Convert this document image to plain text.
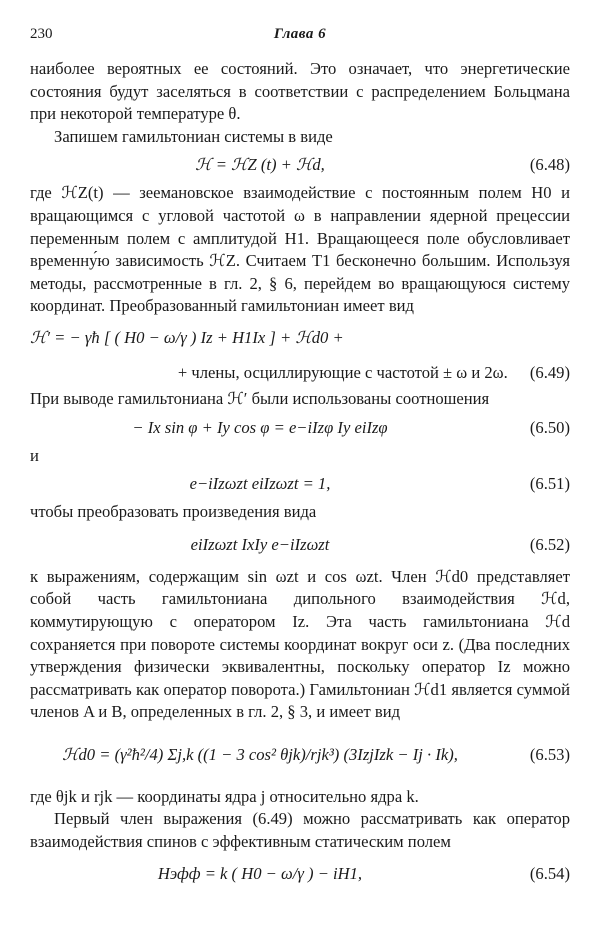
230	Глава 6

наиболее вероятных ее состояний. Это означает, что энергетические состояния будут заселяться в соответствии с распределением Больцмана при некоторой температуре θ.

Запишем гамильтониан системы в виде

ℋ = ℋZ (t) + ℋd,	(6.48)

где ℋZ(t) — зеемановское взаимодействие с постоянным полем H0 и вращающимся с угловой частотой ω в направлении ядерной прецессии переменным полем с амплитудой H1. Вращающееся поле обусловливает временну́ю зависимость ℋZ. Считаем T1 бесконечно большим. Используя методы, рассмотренные в гл. 2, § 6, перейдем во вращающуюся систему координат. Преобразованный гамильтониан имеет вид

ℋ′ = − γħ [ ( H0 − ω/γ ) Iz + H1Ix ] + ℋd0 +
+ члены, осциллирующие с частотой ± ω и 2ω. (6.49)

При выводе гамильтониана ℋ′ были использованы соотношения

− Ix sin φ + Iy cos φ = e−iIzφ Iy eiIzφ	(6.50)

и

e−iIzωzt eiIzωzt = 1,	(6.51)

чтобы преобразовать произведения вида

eiIzωzt IxIy e−iIzωzt	(6.52)

к выражениям, содержащим sin ωzt и cos ωzt. Член ℋd0 представляет собой часть гамильтониана дипольного взаимодействия ℋd, коммутирующую с оператором Iz. Эта часть гамильтониана ℋd сохраняется при повороте системы координат вокруг оси z. (Два последних утверждения физически эквивалентны, поскольку оператор Iz можно рассматривать как оператор поворота.) Гамильтониан ℋd1 является суммой членов A и B, определенных в гл. 2, § 3, и имеет вид

ℋd0 = (γ²ħ²/4) Σj,k ((1 − 3 cos² θjk)/rjk³) (3IzjIzk − Ij · Ik),	(6.53)

где θjk и rjk — координаты ядра j относительно ядра k.

Первый член выражения (6.49) можно рассматривать как оператор взаимодействия спинов с эффективным статическим полем

Hэфф = k ( H0 − ω/γ ) − iH1,	(6.54)
